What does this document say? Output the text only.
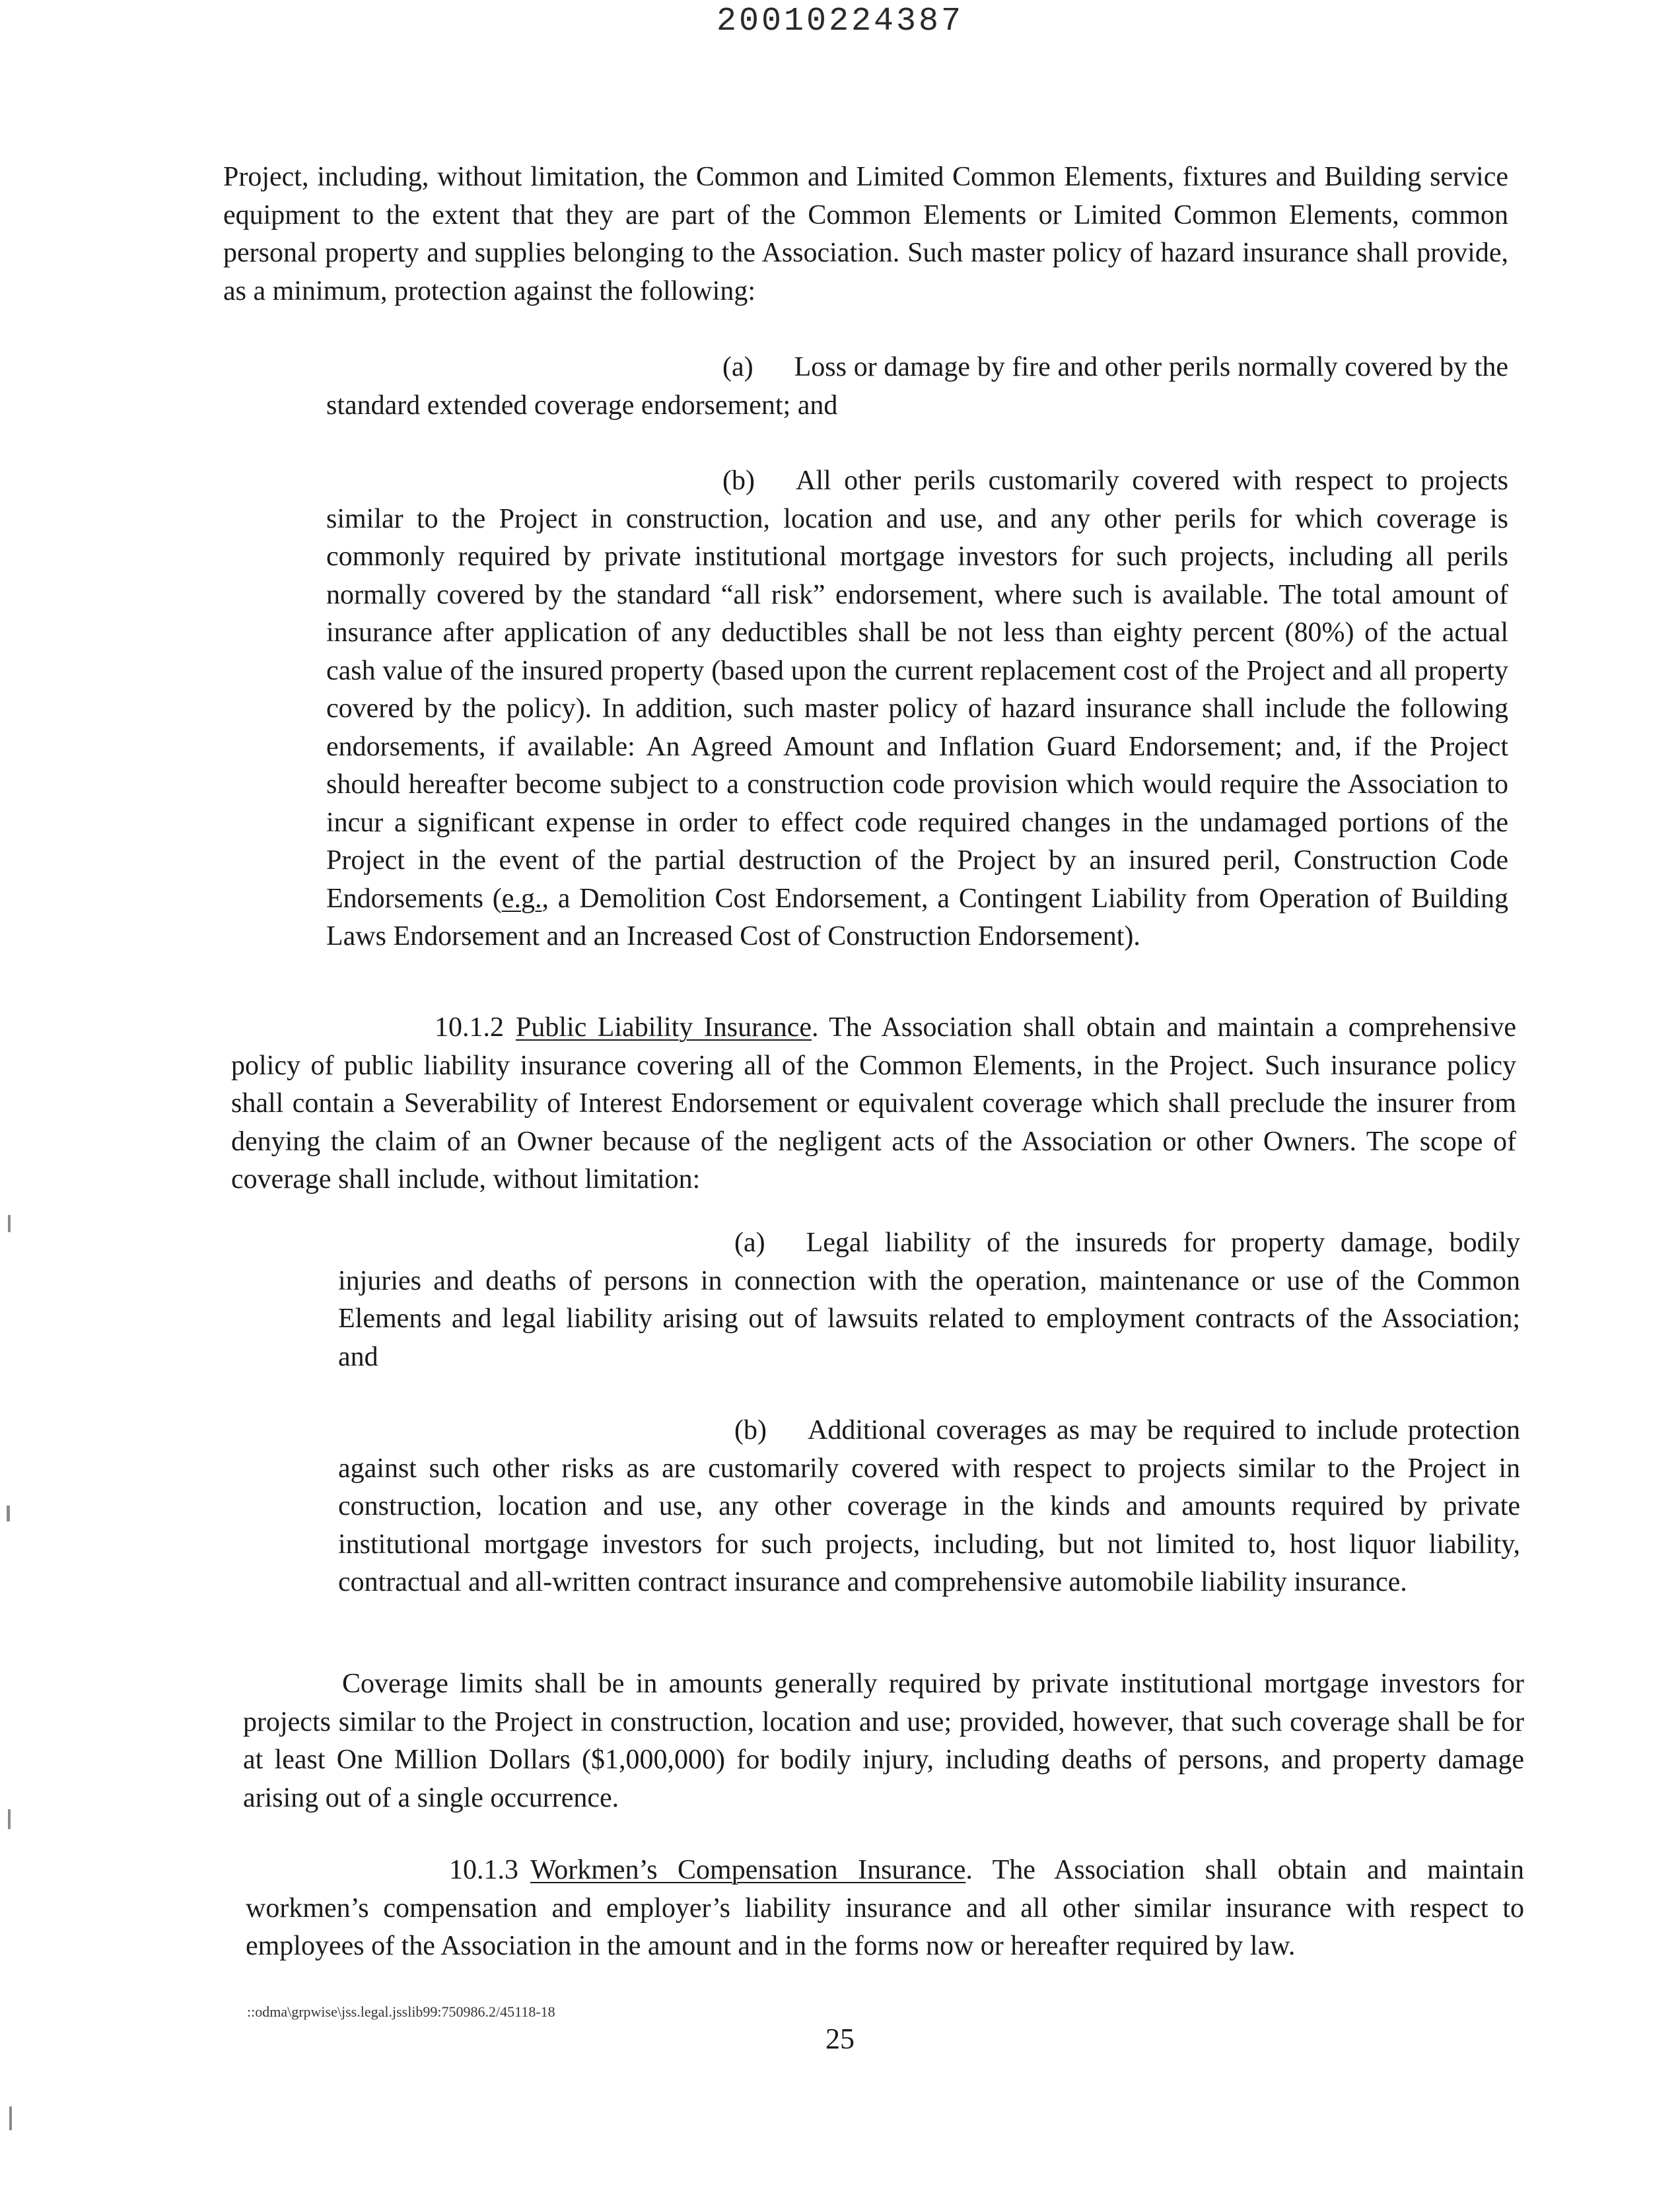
20010224387

Project, including, without limitation, the Common and Limited Common Elements, fixtures and Building service equipment to the extent that they are part of the Common Elements or Limited Common Elements, common personal property and supplies belonging to the Association. Such master policy of hazard insurance shall provide, as a minimum, protection against the following:

(a) Loss or damage by fire and other perils normally covered by the standard extended coverage endorsement; and

(b) All other perils customarily covered with respect to projects similar to the Project in construction, location and use, and any other perils for which coverage is commonly required by private institutional mortgage investors for such projects, including all perils normally covered by the standard “all risk” endorsement, where such is available. The total amount of insurance after application of any deductibles shall be not less than eighty percent (80%) of the actual cash value of the insured property (based upon the current replacement cost of the Project and all property covered by the policy). In addition, such master policy of hazard insurance shall include the following endorsements, if available: An Agreed Amount and Inflation Guard Endorsement; and, if the Project should hereafter become subject to a construction code provision which would require the Association to incur a significant expense in order to effect code required changes in the undamaged portions of the Project in the event of the partial destruction of the Project by an insured peril, Construction Code Endorsements (e.g., a Demolition Cost Endorsement, a Contingent Liability from Operation of Building Laws Endorsement and an Increased Cost of Construction Endorsement).

10.1.2 Public Liability Insurance. The Association shall obtain and maintain a comprehensive policy of public liability insurance covering all of the Common Elements, in the Project. Such insurance policy shall contain a Severability of Interest Endorsement or equivalent coverage which shall preclude the insurer from denying the claim of an Owner because of the negligent acts of the Association or other Owners. The scope of coverage shall include, without limitation:

(a) Legal liability of the insureds for property damage, bodily injuries and deaths of persons in connection with the operation, maintenance or use of the Common Elements and legal liability arising out of lawsuits related to employment contracts of the Association; and

(b) Additional coverages as may be required to include protection against such other risks as are customarily covered with respect to projects similar to the Project in construction, location and use, any other coverage in the kinds and amounts required by private institutional mortgage investors for such projects, including, but not limited to, host liquor liability, contractual and all-written contract insurance and comprehensive automobile liability insurance.

Coverage limits shall be in amounts generally required by private institutional mortgage investors for projects similar to the Project in construction, location and use; provided, however, that such coverage shall be for at least One Million Dollars ($1,000,000) for bodily injury, including deaths of persons, and property damage arising out of a single occurrence.

10.1.3 Workmen’s Compensation Insurance. The Association shall obtain and maintain workmen’s compensation and employer’s liability insurance and all other similar insurance with respect to employees of the Association in the amount and in the forms now or hereafter required by law.

::odma\grpwise\jss.legal.jsslib99:750986.2/45118-18
25
